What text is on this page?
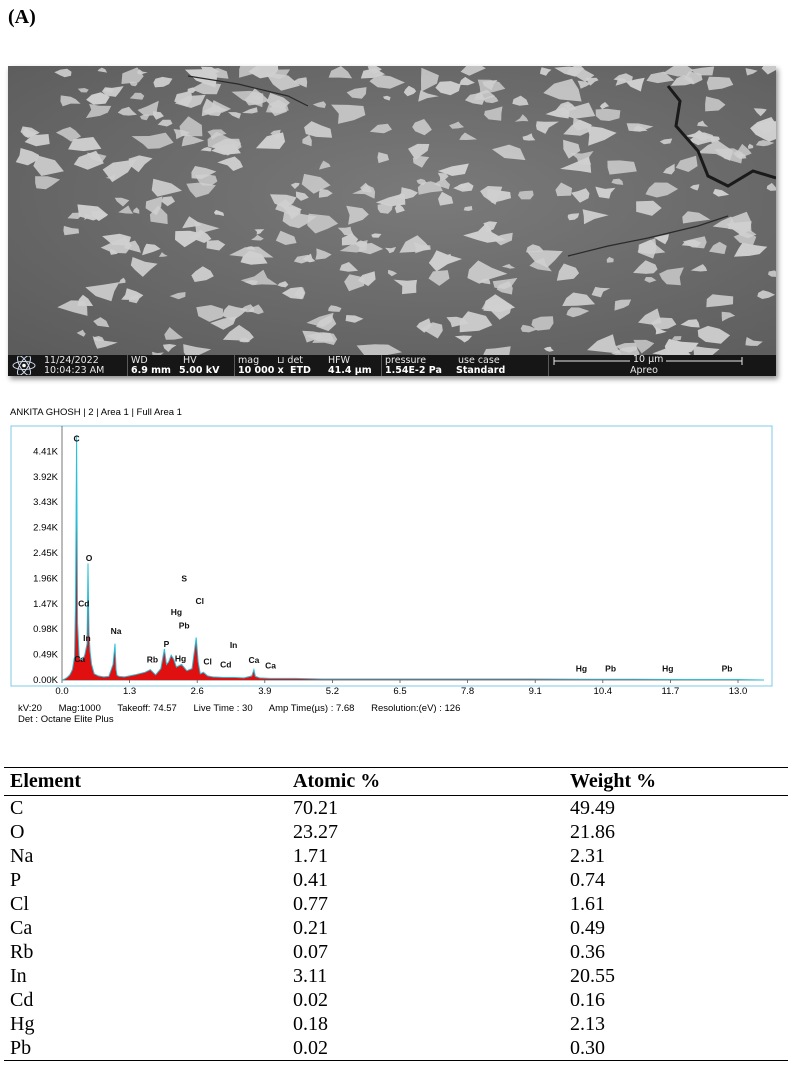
(A)
11/24/2022
10:04:23 AM
WD
6.9 mm
HV
5.00 kV
mag
10 000 x
⊔ det
ETD
HFW
41.4 µm
pressure
1.54E-2 Pa
use case
Standard
10 µm
Apreo
0.00K
0.49K
0.98K
1.47K
1.96K
2.45K
2.94K
3.43K
3.92K
4.41K
0.0	1.3	2.6	3.9	5.2	6.5	7.8	9.1	10.4	11.7	13.0
C
O
Cd
In
Ca
Na
Rb
P
Hg
Pb
Hg
S
Cl
Cl Cd
In
Ca
Ca	Hg Pb	Hg	Pb
ANKITA GHOSH | 2 | Area 1 | Full Area 1
kV:20 Mag:1000 Takeoff: 74.57 Live Time : 30 Amp Time(µs) : 7.68 Resolution:(eV) : 126
Det : Octane Elite Plus
Element	Atomic %	Weight %
C	70.21	49.49
O	23.27	21.86
Na	1.71	2.31
P	0.41	0.74
Cl	0.77	1.61
Ca	0.21	0.49
Rb	0.07	0.36
In	3.11	20.55
Cd	0.02	0.16
Hg	0.18	2.13
Pb	0.02	0.30
